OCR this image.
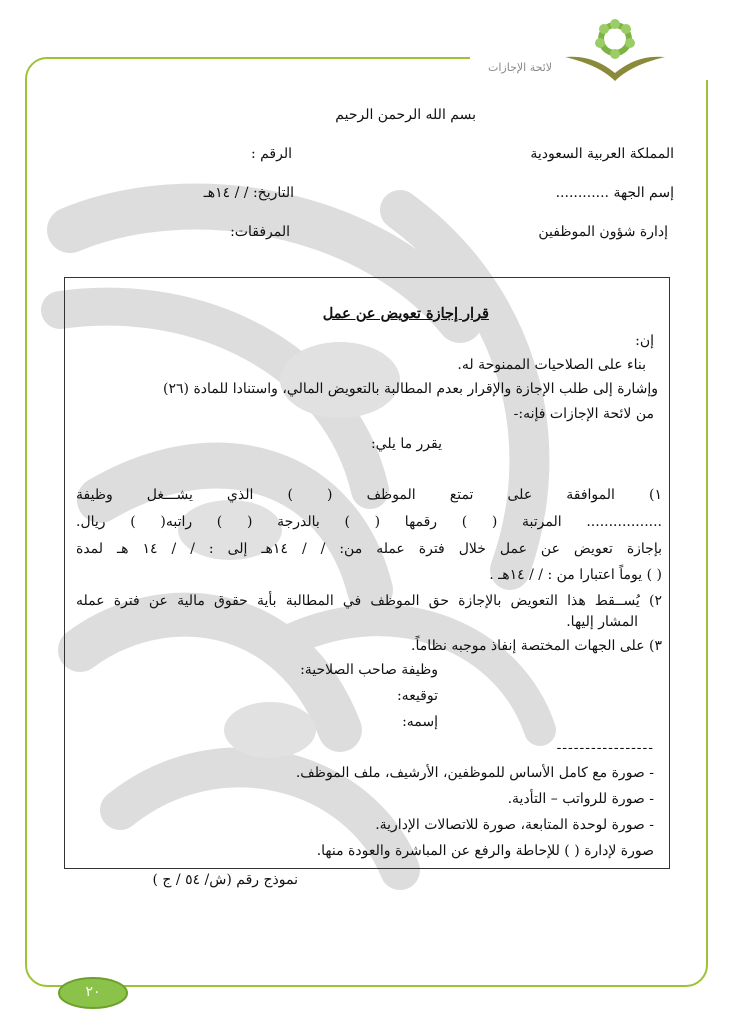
لائحة الإجازات
بسم الله الرحمن الرحيم
المملكة العربية السعودية
الرقم :
إسم الجهة ............
التاريخ: / / ١٤هـ
إدارة شؤون الموظفين
المرفقات:
قرار إجازة تعويض عن عمل
إن:
بناء على الصلاحيات الممنوحة له.
وإشارة إلى طلب الإجازة والإقرار بعدم المطالبة بالتعويض المالي، واستنادا للمادة (٢٦)
من لائحة الإجازات فإنه:-
يقرر ما يلي:
١) الموافقة على تمتع الموظف ( ) الذي يشـــغل وظيفة
................. المرتبة ( ) رقمها ( ) بالدرجة ( ) راتبه( ) ريال.
بإجازة تعويض عن عمل خلال فترة عمله من: / / ١٤هـ إلى : / / ١٤ هـ لمدة
( ) يوماً اعتبارا من : / / ١٤هـ .
٢) يُســقط هذا التعويض بالإجازة حق الموظف في المطالبة بأية حقوق مالية عن فترة عمله
المشار إليها.
٣) على الجهات المختصة إنفاذ موجبه نظاماً.
وظيفة صاحب الصلاحية:
توقيعه:
إسمه:
-----------------
- صورة مع كامل الأساس للموظفين، الأرشيف، ملف الموظف.
- صورة للرواتب – التأدية.
- صورة لوحدة المتابعة، صورة للاتصالات الإدارية.
صورة لإدارة ( ) للإحاطة والرفع عن المباشرة والعودة منها.
نموذج رقم (ش/ ٥٤ / ج )
٢٠
